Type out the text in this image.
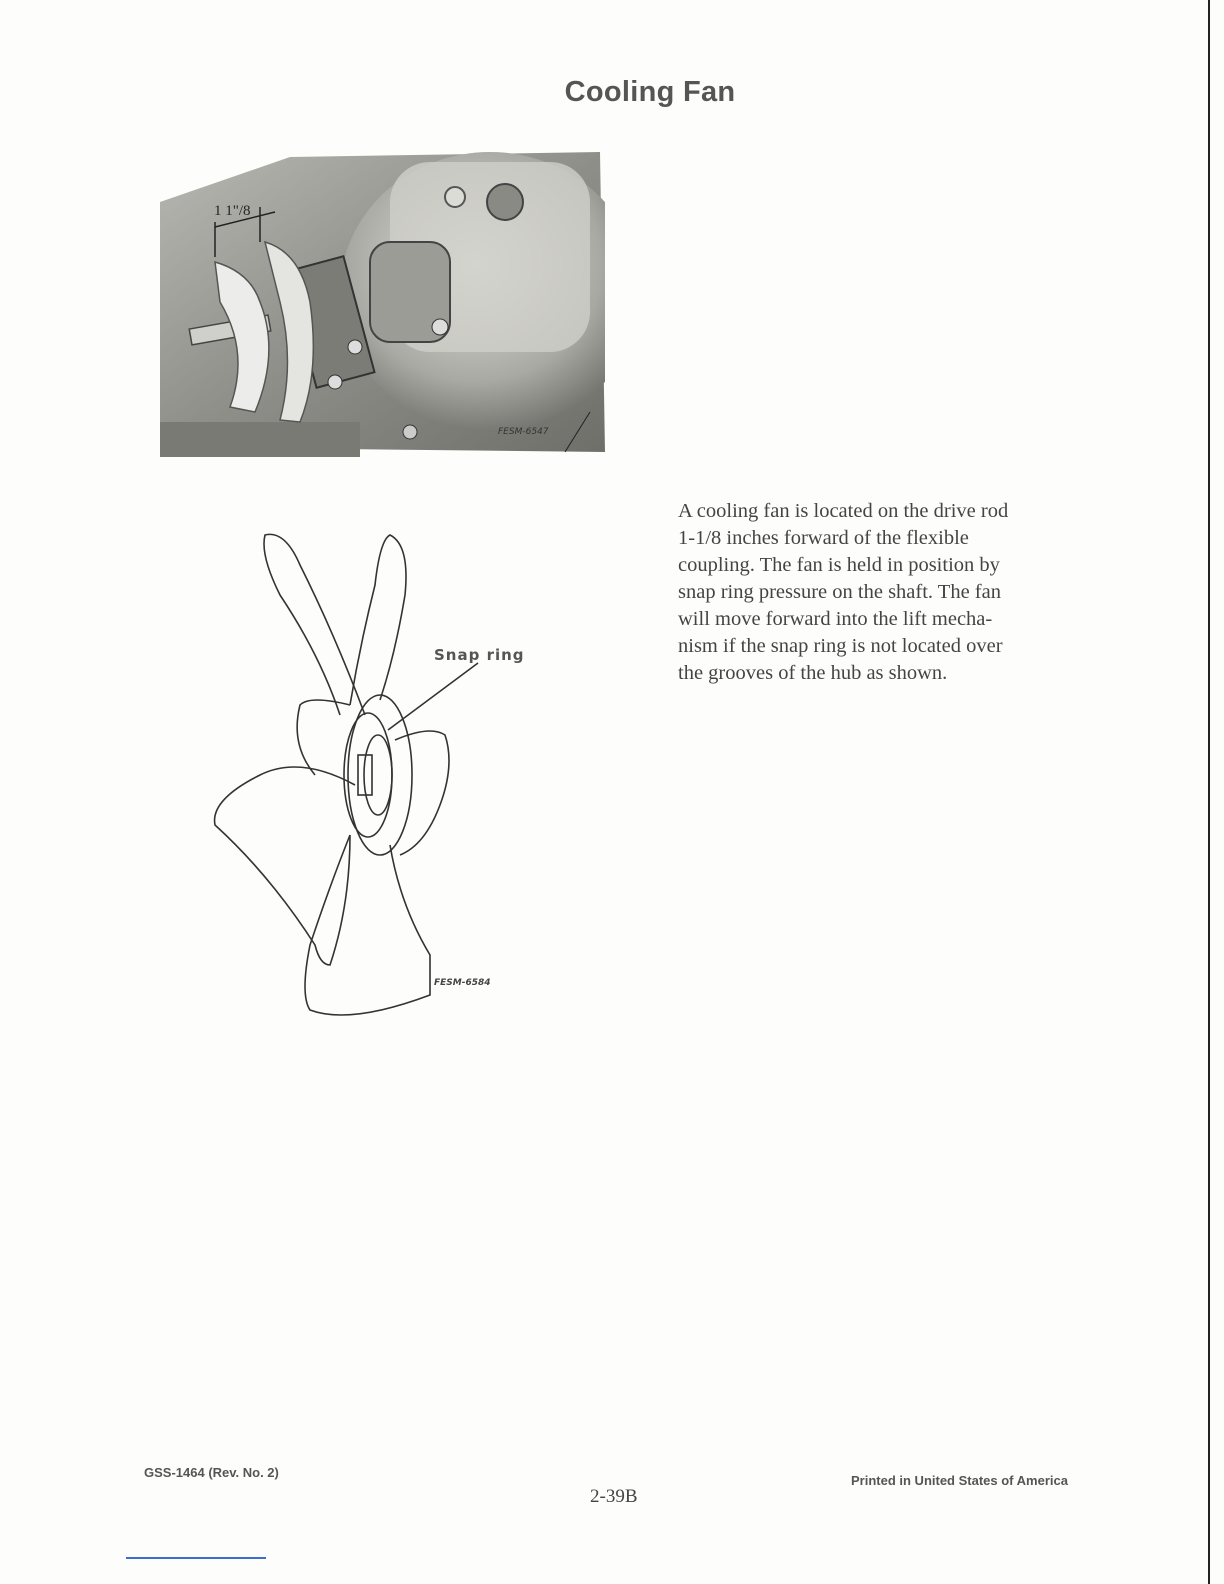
Cooling Fan
1 1"/8
FESM-6547
Snap ring
FESM-6584
A cooling fan is located on the drive rod
1-1/8 inches forward of the flexible
coupling. The fan is held in position by
snap ring pressure on the shaft. The fan
will move forward into the lift mecha-
nism if the snap ring is not located over
the grooves of the hub as shown.
GSS-1464 (Rev. No. 2)
2-39B
Printed in United States of America
